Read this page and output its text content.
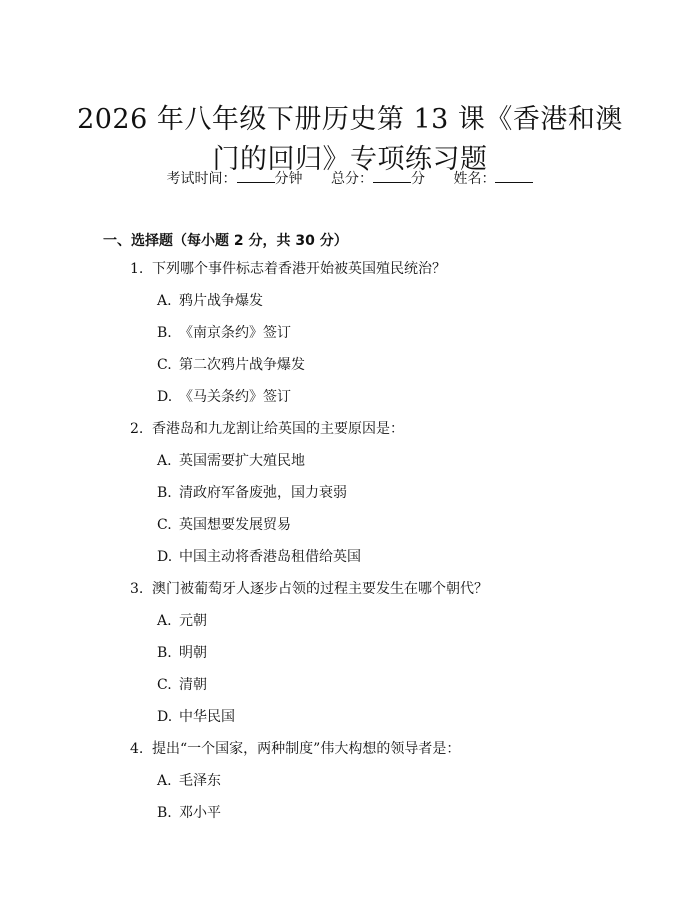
2026 年八年级下册历史第 13 课《香港和澳
门的回归》专项练习题
考试时间：	分钟 总分：	分 姓名：
一、选择题（每小题 2 分，共 30 分）
1. 下列哪个事件标志着香港开始被英国殖民统治？
A. 鸦片战争爆发
B. 《南京条约》签订
C. 第二次鸦片战争爆发
D. 《马关条约》签订
2. 香港岛和九龙割让给英国的主要原因是：
A. 英国需要扩大殖民地
B. 清政府军备废弛，国力衰弱
C. 英国想要发展贸易
D. 中国主动将香港岛租借给英国
3. 澳门被葡萄牙人逐步占领的过程主要发生在哪个朝代？
A. 元朝
B. 明朝
C. 清朝
D. 中华民国
4. 提出“一个国家，两种制度”伟大构想的领导者是：
A. 毛泽东
B. 邓小平
